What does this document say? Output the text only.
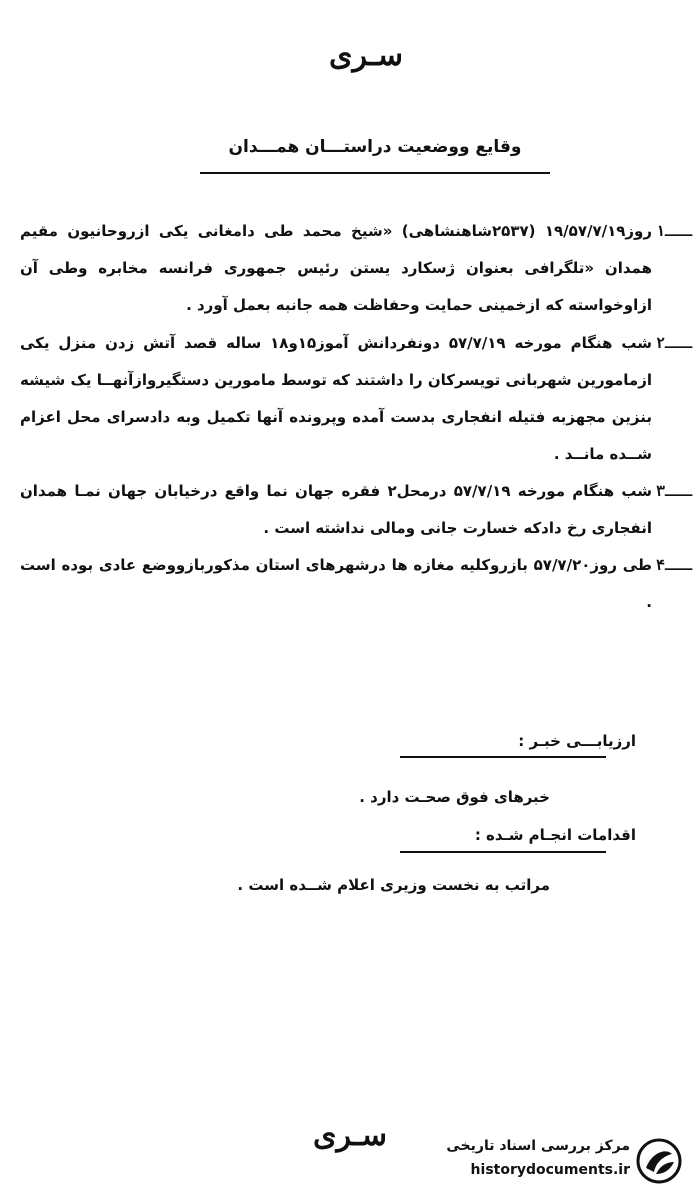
سـرى
وقایع ووضعیت دراستـــان همـــدان
۱ـــ
روز۱۹/۵۷/۷/۱۹ (۲۵۳۷شاهنشاهی) «شیخ محمد طی دامغانی یکی ازروحانیون مقیم همدان «تلگرافی بعنوان ژسکارد یستن رئیس جمهوری فرانسه مخابره وطی آن ازاوخواسته که ازخمینی حمایت وحفاظت همه جانبه بعمل آورد .
۲ـــ
شب هنگام مورخه ۵۷/۷/۱۹ دونفردانش آموز۱۵و۱۸ ساله قصد آتش زدن منزل یکی ازمامورین شهربانی تویسرکان را داشتند که توسط مامورین دستگیروازآنهــا یک شیشه بنزین مجهزبه فتیله انفجاری بدست آمده وپرونده آنها تکمیل وبه دادسرای محل اعزام شــده مانــد .
۳ـــ
شب هنگام مورخه ۵۷/۷/۱۹ درمحل۲ فقره جهان نما واقع درخیابان جهان نمـا همدان انفجاری رخ دادکه خسارت جانی ومالی نداشته است .
۴ـــ
طی روز۵۷/۷/۲۰ بازروکلیه مغازه ها درشهرهای استان مذکوربازووضع عادی بوده است .
ارزیابـــی خبـر :
خبرهای فوق صحـت دارد .
اقدامات انجـام شـده :
مراتب به نخست وزیری اعلام شــده است .
سـرى	مرکز بررسی اسناد تاریخی
historydocuments.ir
